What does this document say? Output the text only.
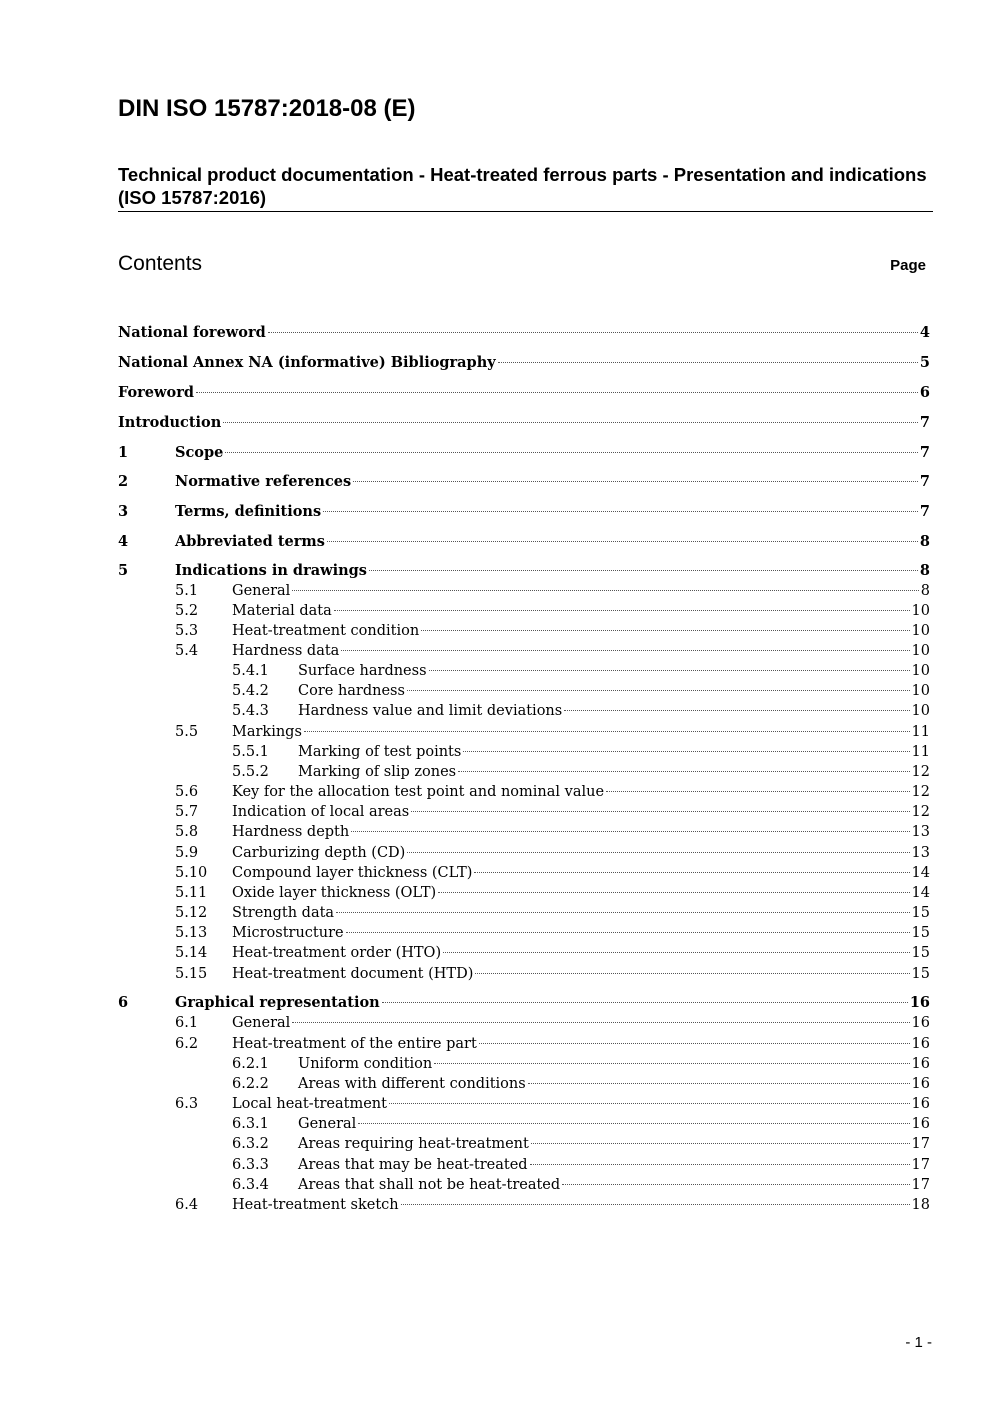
DIN ISO 15787:2018-08 (E)
Technical product documentation - Heat-treated ferrous parts - Presentation and indications (ISO 15787:2016)
Contents	Page
National foreword	4
National Annex NA (informative) Bibliography	5
Foreword	6
Introduction	7
1	Scope	7
2	Normative references	7
3	Terms, definitions	7
4	Abbreviated terms	8
5	Indications in drawings	8
5.1 General	8
5.2 Material data	10
5.3 Heat-treatment condition	10
5.4 Hardness data	10
5.4.1 Surface hardness	10
5.4.2 Core hardness	10
5.4.3 Hardness value and limit deviations	10
5.5 Markings	11
5.5.1 Marking of test points	11
5.5.2 Marking of slip zones	12
5.6 Key for the allocation test point and nominal value	12
5.7 Indication of local areas	12
5.8 Hardness depth	13
5.9 Carburizing depth (CD)	13
5.10 Compound layer thickness (CLT)	14
5.11 Oxide layer thickness (OLT)	14
5.12 Strength data	15
5.13 Microstructure	15
5.14 Heat-treatment order (HTO)	15
5.15 Heat-treatment document (HTD)	15
6	Graphical representation	16
6.1 General	16
6.2 Heat-treatment of the entire part	16
6.2.1 Uniform condition	16
6.2.2 Areas with different conditions	16
6.3 Local heat-treatment	16
6.3.1 General	16
6.3.2 Areas requiring heat-treatment	17
6.3.3 Areas that may be heat-treated	17
6.3.4 Areas that shall not be heat-treated	17
6.4 Heat-treatment sketch	18
- 1 -
